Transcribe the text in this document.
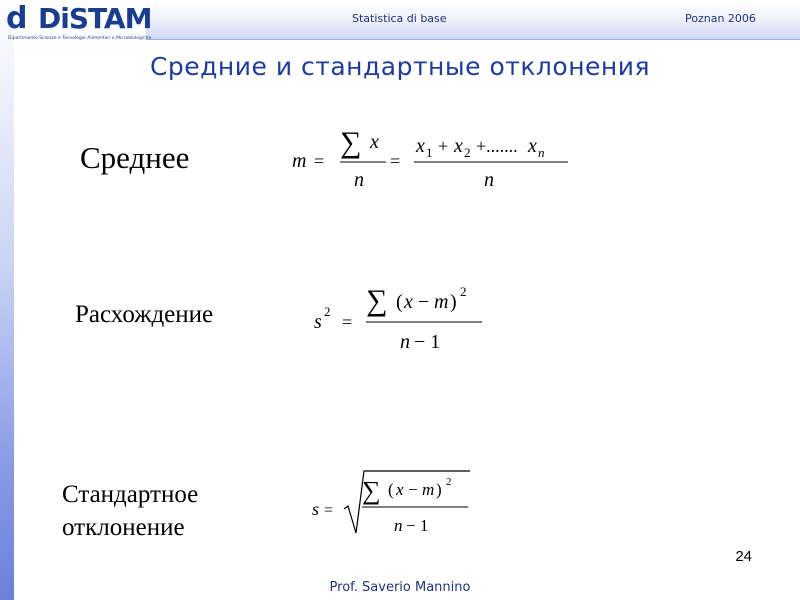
d DiSTAM
Dipartimento Scienze e Tecnologie Alimentari e Microbiologiche
Statistica di base	Poznan 2006
Средние и стандартные отклонения
Среднее
Расхождение
Стандартное
отклонение
m =
∑ x
n
=
x 1 + x 2 +....... x n
n
s 2
=
∑ ( x − m ) 2
n − 1
s =
∑ ( x − m ) 2
n − 1
24
Prof. Saverio Mannino
